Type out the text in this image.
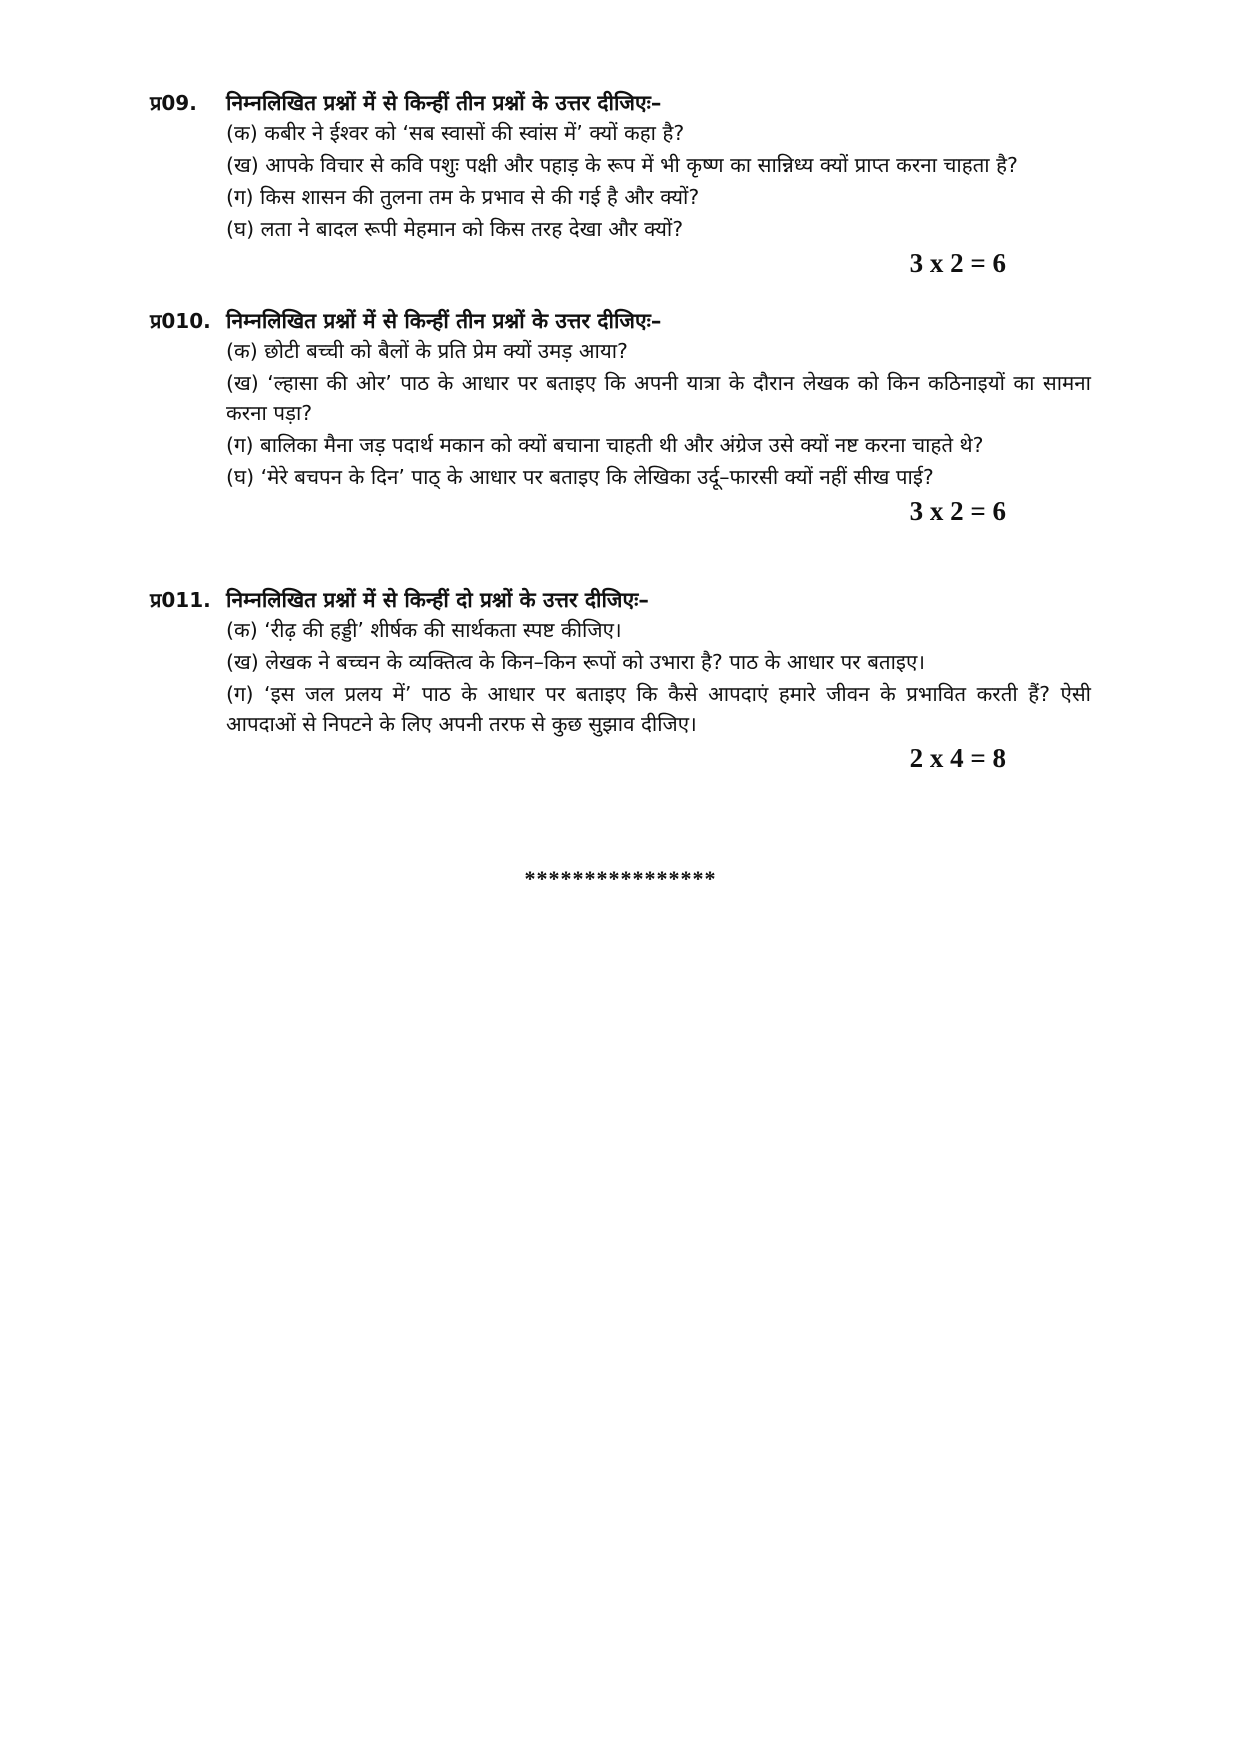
प्र09. निम्नलिखित प्रश्नों में से किन्हीं तीन प्रश्नों के उत्तर दीजिएः–

(क) कबीर ने ईश्वर को ‘सब स्वासों की स्वांस में’ क्यों कहा है?

(ख) आपके विचार से कवि पशुः पक्षी और पहाड़ के रूप में भी कृष्ण का सान्निध्य क्यों प्राप्त करना चाहता है?

(ग) किस शासन की तुलना तम के प्रभाव से की गई है और क्यों?

(घ) लता ने बादल रूपी मेहमान को किस तरह देखा और क्यों?

3 x 2 = 6
प्र010. निम्नलिखित प्रश्नों में से किन्हीं तीन प्रश्नों के उत्तर दीजिएः–

(क) छोटी बच्ची को बैलों के प्रति प्रेम क्यों उमड़ आया?

(ख) ‘ल्हासा की ओर’ पाठ के आधार पर बताइए कि अपनी यात्रा के दौरान लेखक को किन कठिनाइयों का सामना करना पड़ा?

(ग) बालिका मैना जड़ पदार्थ मकान को क्यों बचाना चाहती थी और अंग्रेज उसे क्यों नष्ट करना चाहते थे?

(घ) ‘मेरे बचपन के दिन’ पाठ् के आधार पर बताइए कि लेखिका उर्दू–फारसी क्यों नहीं सीख पाई?

3 x 2 = 6
प्र011. निम्नलिखित प्रश्नों में से किन्हीं दो प्रश्नों के उत्तर दीजिएः–

(क) ‘रीढ़ की हड्डी’ शीर्षक की सार्थकता स्पष्ट कीजिए।

(ख) लेखक ने बच्चन के व्यक्तित्व के किन–किन रूपों को उभारा है? पाठ के आधार पर बताइए।

(ग) ‘इस जल प्रलय में’ पाठ के आधार पर बताइए कि कैसे आपदाएं हमारे जीवन के प्रभावित करती हैं? ऐसी आपदाओं से निपटने के लिए अपनी तरफ से कुछ सुझाव दीजिए।

2 x 4 = 8
****************
